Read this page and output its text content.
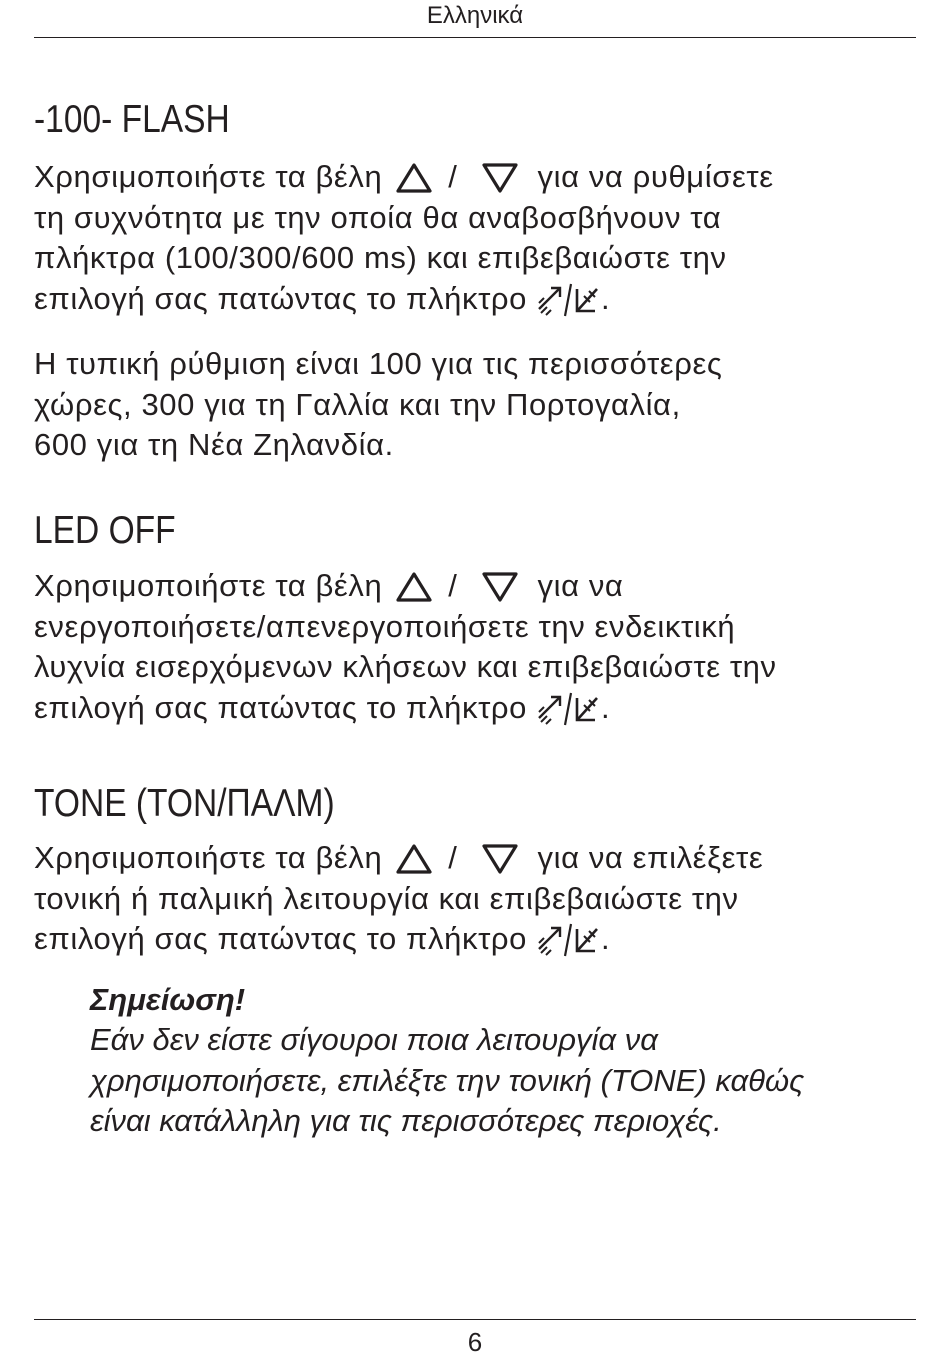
Ελληνικά
-100- FLASH
Χρησιμοποιήστε τα βέλη /	για να ρυθμίσετε
τη συχνότητα με την οποία θα αναβοσβήνουν τα
πλήκτρα (100/300/600 ms) και επιβεβαιώστε την
επιλογή σας πατώντας το πλήκτρο .
Η τυπική ρύθμιση είναι 100 για τις περισσότερες
χώρες, 300 για τη Γαλλία και την Πορτογαλία,
600 για τη Νέα Ζηλανδία.
LED OFF
Χρησιμοποιήστε τα βέλη /	για να
ενεργοποιήσετε/απενεργοποιήσετε την ενδεικτική
λυχνία εισερχόμενων κλήσεων και επιβεβαιώστε την
επιλογή σας πατώντας το πλήκτρο .
TONE (ΤΟΝ/ΠΑΛΜ)
Χρησιμοποιήστε τα βέλη /	για να επιλέξετε
τονική ή παλμική λειτουργία και επιβεβαιώστε την
επιλογή σας πατώντας το πλήκτρο .
Σημείωση!
Εάν δεν είστε σίγουροι ποια λειτουργία να
χρησιμοποιήσετε, επιλέξτε την τονική (TONE) καθώς
είναι κατάλληλη για τις περισσότερες περιοχές.
6
